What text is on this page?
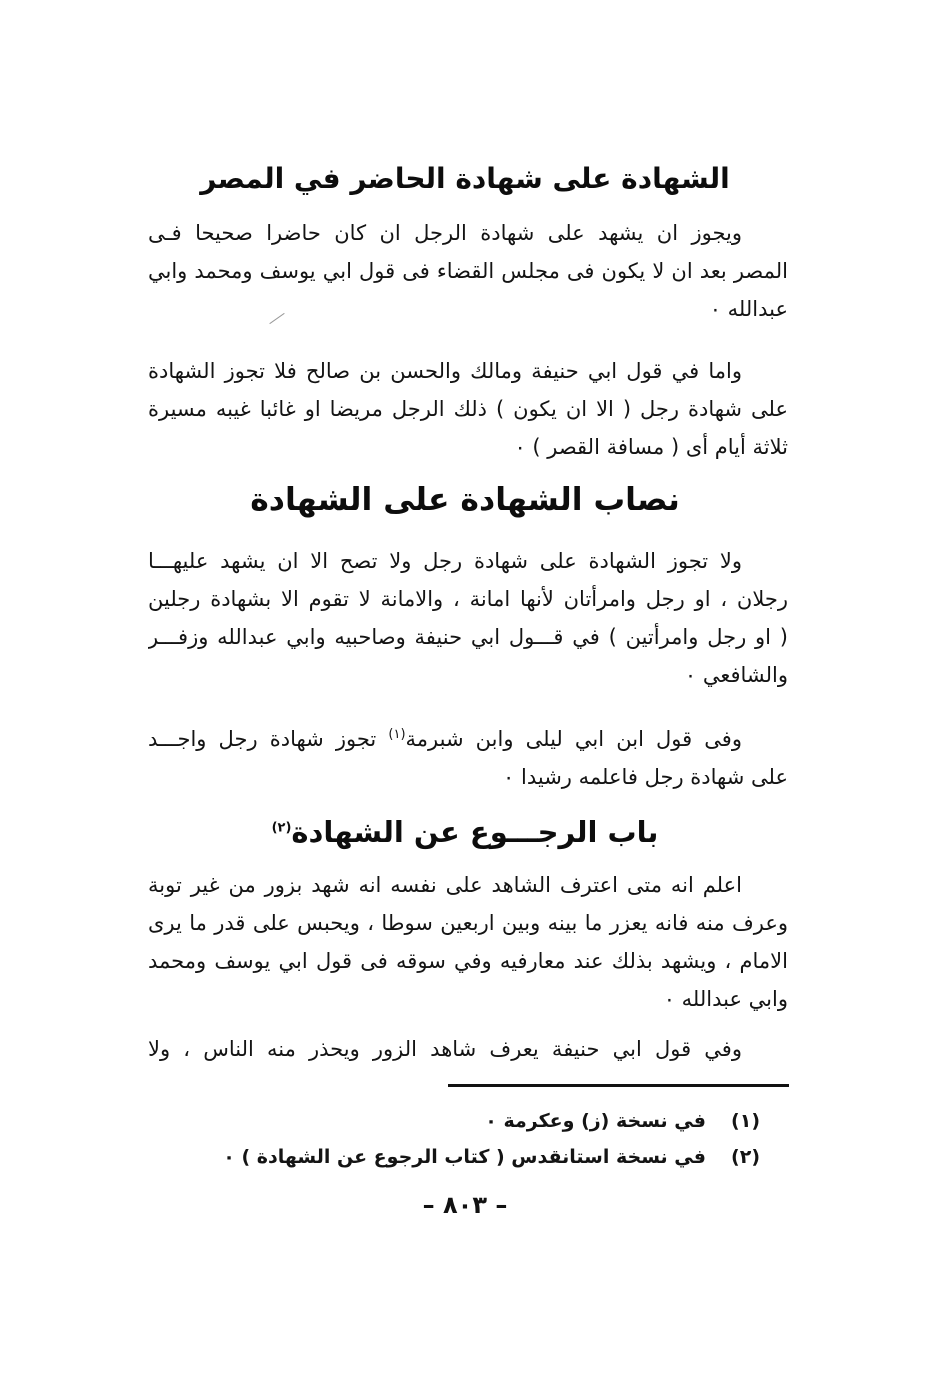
الشهادة على شهادة الحاضر في المصر
ويجوز ان يشهد على شهادة الرجل ان كان حاضرا صحيحا فـى
المصر بعد ان لا يكون فى مجلس القضاء فى قول ابي يوسف ومحمد وابي
عبدالله ٠
واما في قول ابي حنيفة ومالك والحسن بن صالح فلا تجوز الشهادة
على شهادة رجل ( الا ان يكون ) ذلك الرجل مريضا او غائبا غيبه مسيرة
ثلاثة أيام أى ( مسافة القصر ) ٠
نصاب الشهادة على الشهادة
ولا تجوز الشهادة على شهادة رجل ولا تصح الا ان يشهد عليهـــا
رجلان ، او رجل وامرأتان لأنها امانة ، والامانة لا تقوم الا بشهادة رجلين
( او رجل وامرأتين ) في قـــول ابي حنيفة وصاحبيه وابي عبدالله وزفـــر
والشافعي ٠
وفى قول ابن ابي ليلى وابن شبرمة$^{(١)}$ تجوز شهادة رجل واجـــد
على شهادة رجل فاعلمه رشيدا ٠
باب الرجـــوع عن الشهادة$^{(٢)}$
اعلم انه متى اعترف الشاهد على نفسه انه شهد بزور من غير توبة
وعرف منه فانه يعزر ما بينه وبين اربعين سوطا ، ويحبس على قدر ما يرى
الامام ، ويشهد بذلك عند معارفيه وفي سوقه فى قول ابي يوسف ومحمد
وابي عبدالله ٠
وفي قول ابي حنيفة يعرف شاهد الزور ويحذر منه الناس ، ولا
(١) في نسخة (ز) وعكرمة ٠
(٢) في نسخة استانقدس ( كتاب الرجوع عن الشهادة ) ٠
– ٨٠٣ –
